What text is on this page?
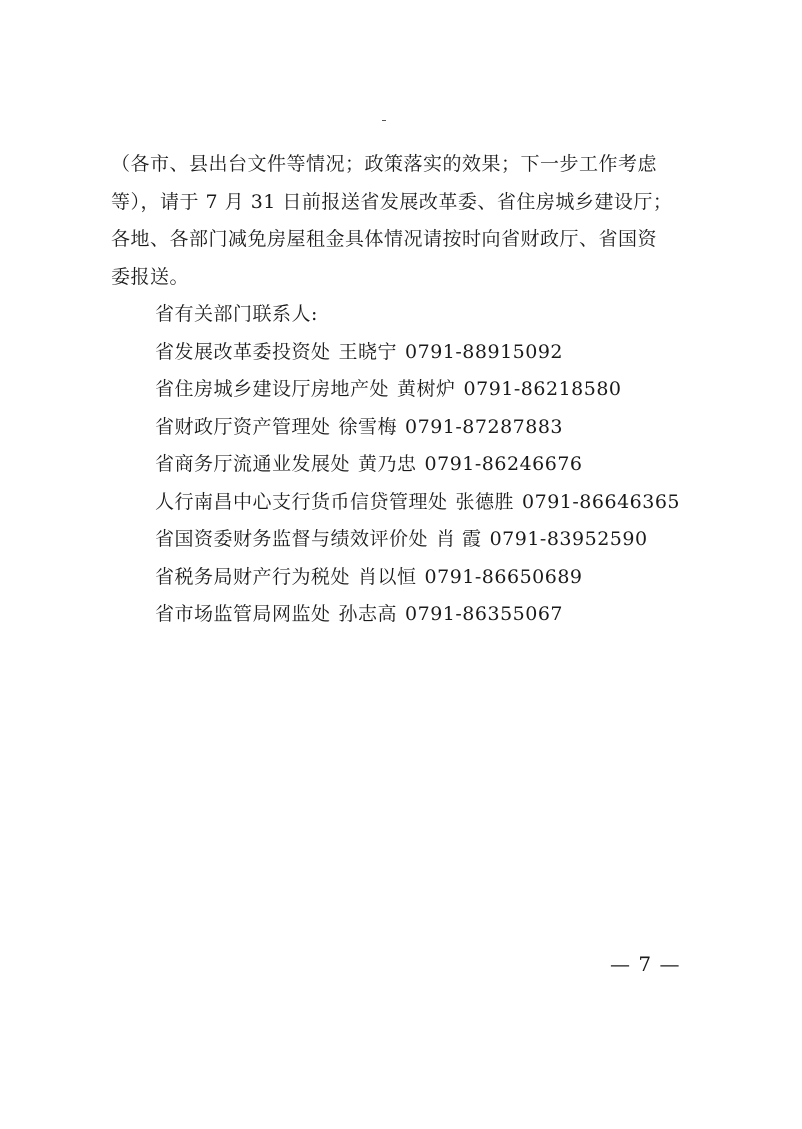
（各市、县出台文件等情况；政策落实的效果；下一步工作考虑

等），请于 7 月 31 日前报送省发展改革委、省住房城乡建设厅；

各地、各部门减免房屋租金具体情况请按时向省财政厅、省国资

委报送。

省有关部门联系人:

省发展改革委投资处 王晓宁 0791-88915092
省住房城乡建设厅房地产处 黄树炉 0791-86218580
省财政厅资产管理处 徐雪梅 0791-87287883
省商务厅流通业发展处 黄乃忠 0791-86246676
人行南昌中心支行货币信贷管理处 张德胜 0791-86646365
省国资委财务监督与绩效评价处 肖 霞 0791-83952590
省税务局财产行为税处 肖以恒 0791-86650689
省市场监管局网监处 孙志高 0791-86355067
— 7 —
